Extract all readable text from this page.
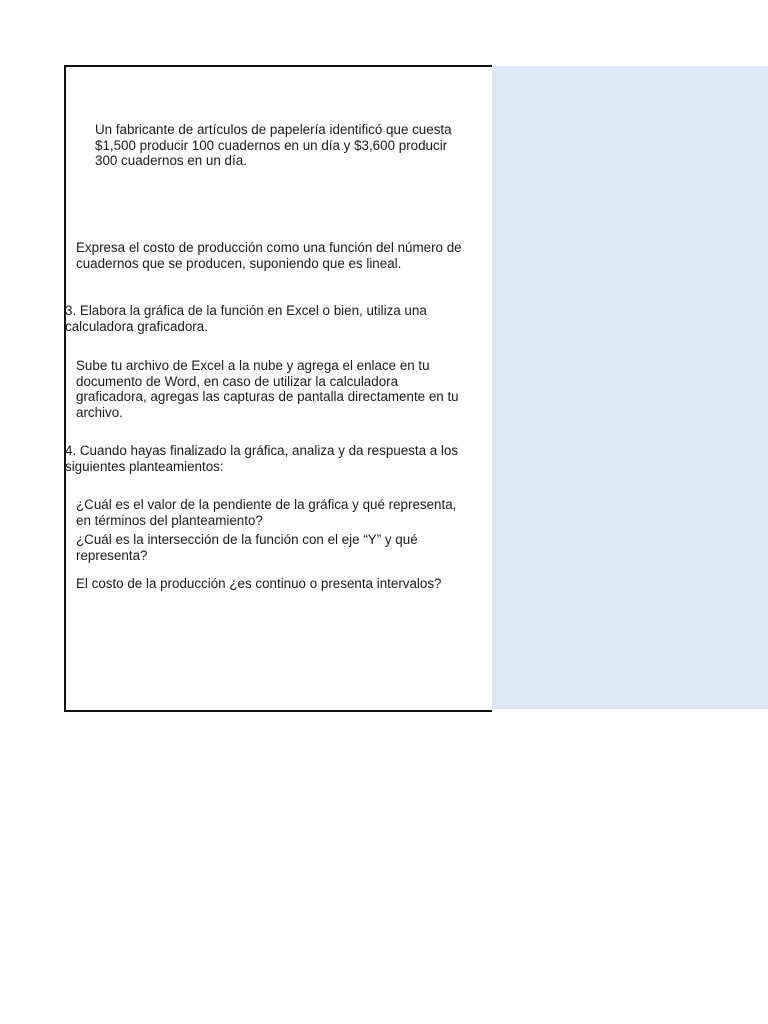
Un fabricante de artículos de papelería identificó que cuesta
$1,500 producir 100 cuadernos en un día y $3,600 producir
300 cuadernos en un día.

Expresa el costo de producción como una función del número de
cuadernos que se producen, suponiendo que es lineal.

3. Elabora la gráfica de la función en Excel o bien, utiliza una
calculadora graficadora.

Sube tu archivo de Excel a la nube y agrega el enlace en tu
documento de Word, en caso de utilizar la calculadora
graficadora, agregas las capturas de pantalla directamente en tu
archivo.

4. Cuando hayas finalizado la gráfica, analiza y da respuesta a los
siguientes planteamientos:

¿Cuál es el valor de la pendiente de la gráfica y qué representa,
en términos del planteamiento?

¿Cuál es la intersección de la función con el eje “Y” y qué
representa?

El costo de la producción ¿es continuo o presenta intervalos?
